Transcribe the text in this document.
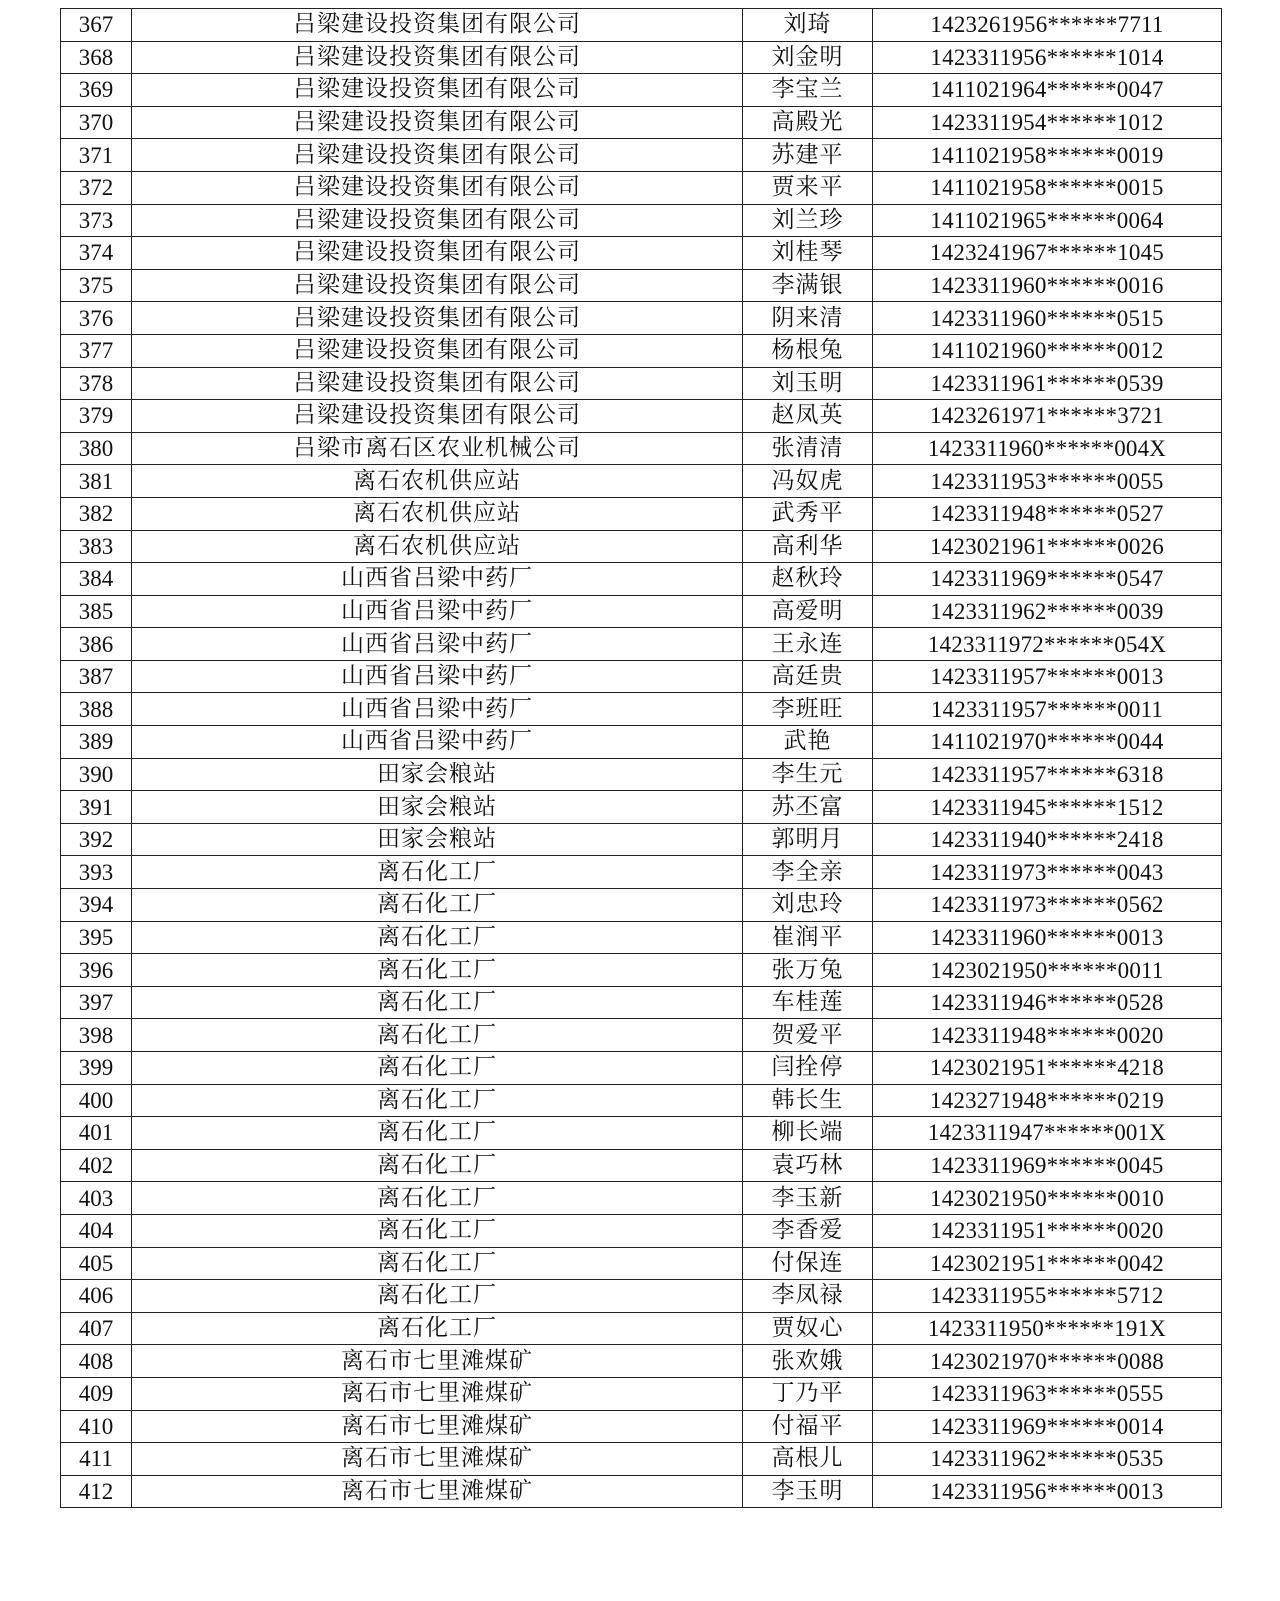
367	吕梁建设投资集团有限公司	刘琦	1423261956******7711
368	吕梁建设投资集团有限公司	刘金明	1423311956******1014
369	吕梁建设投资集团有限公司	李宝兰	1411021964******0047
370	吕梁建设投资集团有限公司	高殿光	1423311954******1012
371	吕梁建设投资集团有限公司	苏建平	1411021958******0019
372	吕梁建设投资集团有限公司	贾来平	1411021958******0015
373	吕梁建设投资集团有限公司	刘兰珍	1411021965******0064
374	吕梁建设投资集团有限公司	刘桂琴	1423241967******1045
375	吕梁建设投资集团有限公司	李满银	1423311960******0016
376	吕梁建设投资集团有限公司	阴来清	1423311960******0515
377	吕梁建设投资集团有限公司	杨根兔	1411021960******0012
378	吕梁建设投资集团有限公司	刘玉明	1423311961******0539
379	吕梁建设投资集团有限公司	赵凤英	1423261971******3721
380	吕梁市离石区农业机械公司	张清清	1423311960******004X
381	离石农机供应站	冯奴虎	1423311953******0055
382	离石农机供应站	武秀平	1423311948******0527
383	离石农机供应站	高利华	1423021961******0026
384	山西省吕梁中药厂	赵秋玲	1423311969******0547
385	山西省吕梁中药厂	高爱明	1423311962******0039
386	山西省吕梁中药厂	王永连	1423311972******054X
387	山西省吕梁中药厂	高廷贵	1423311957******0013
388	山西省吕梁中药厂	李班旺	1423311957******0011
389	山西省吕梁中药厂	武艳	1411021970******0044
390	田家会粮站	李生元	1423311957******6318
391	田家会粮站	苏丕富	1423311945******1512
392	田家会粮站	郭明月	1423311940******2418
393	离石化工厂	李全亲	1423311973******0043
394	离石化工厂	刘忠玲	1423311973******0562
395	离石化工厂	崔润平	1423311960******0013
396	离石化工厂	张万兔	1423021950******0011
397	离石化工厂	车桂莲	1423311946******0528
398	离石化工厂	贺爱平	1423311948******0020
399	离石化工厂	闫拴停	1423021951******4218
400	离石化工厂	韩长生	1423271948******0219
401	离石化工厂	柳长端	1423311947******001X
402	离石化工厂	袁巧林	1423311969******0045
403	离石化工厂	李玉新	1423021950******0010
404	离石化工厂	李香爱	1423311951******0020
405	离石化工厂	付保连	1423021951******0042
406	离石化工厂	李凤禄	1423311955******5712
407	离石化工厂	贾奴心	1423311950******191X
408	离石市七里滩煤矿	张欢娥	1423021970******0088
409	离石市七里滩煤矿	丁乃平	1423311963******0555
410	离石市七里滩煤矿	付福平	1423311969******0014
411	离石市七里滩煤矿	高根儿	1423311962******0535
412	离石市七里滩煤矿	李玉明	1423311956******0013
